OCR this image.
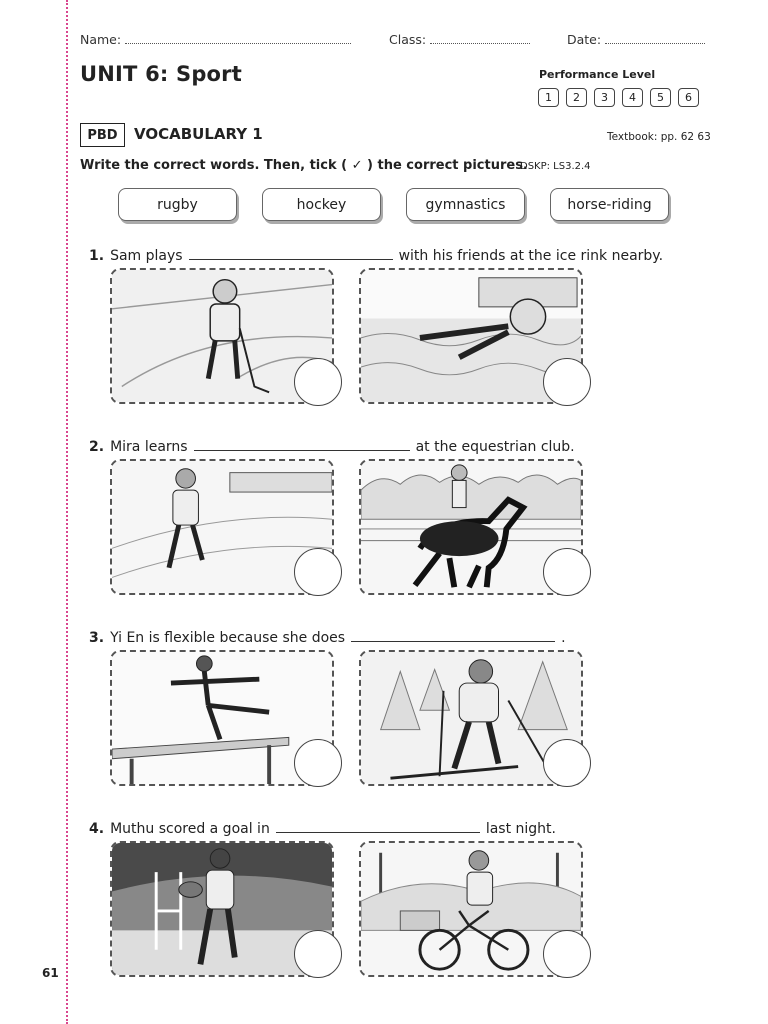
61
Name:	Class:	Date:
UNIT 6: Sport	Performance Level
1	2	3	4	5	6
PBD	VOCABULARY 1	Textbook: pp. 62 63
Write the correct words. Then, tick ( ✓ ) the correct pictures.
DSKP: LS3.2.4
rugby	hockey	gymnastics	horse-riding
1. Sam plays	with his friends at the ice rink nearby.
2. Mira learns	at the equestrian club.
3. Yi En is flexible because she does	.
4. Muthu scored a goal in	last night.
